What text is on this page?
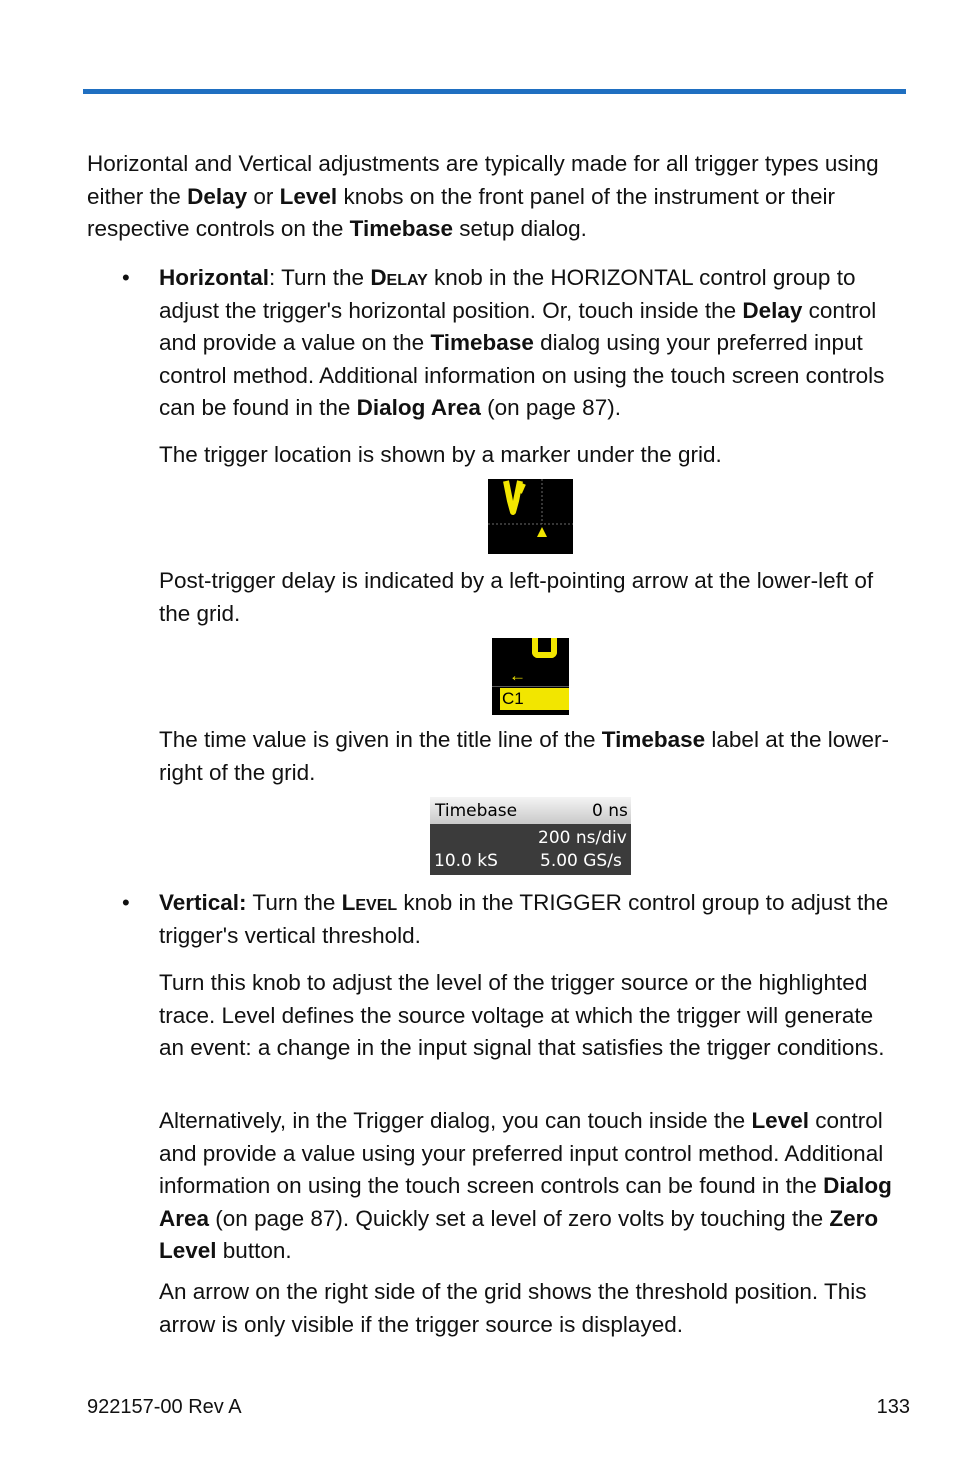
Horizontal and Vertical adjustments are typically made for all trigger types using either the Delay or Level knobs on the front panel of the instrument or their respective controls on the Timebase setup dialog.

• Horizontal: Turn the Delay knob in the HORIZONTAL control group to adjust the trigger's horizontal position. Or, touch inside the Delay control and provide a value on the Timebase dialog using your preferred input control method. Additional information on using the touch screen controls can be found in the Dialog Area (on page 87).

The trigger location is shown by a marker under the grid.

Post-trigger delay is indicated by a left-pointing arrow at the lower-left of the grid.

←
C1

The time value is given in the title line of the Timebase label at the lower-right of the grid.

Timebase	0 ns
200 ns/div
10.0 kS 5.00 GS/s
• Vertical: Turn the Level knob in the TRIGGER control group to adjust the trigger's vertical threshold.

Turn this knob to adjust the level of the trigger source or the highlighted trace. Level defines the source voltage at which the trigger will generate an event: a change in the input signal that satisfies the trigger conditions.

Alternatively, in the Trigger dialog, you can touch inside the Level control and provide a value using your preferred input control method. Additional information on using the touch screen controls can be found in the Dialog Area (on page 87). Quickly set a level of zero volts by touching the Zero Level button.

An arrow on the right side of the grid shows the threshold position. This arrow is only visible if the trigger source is displayed.

922157-00 Rev A	133
